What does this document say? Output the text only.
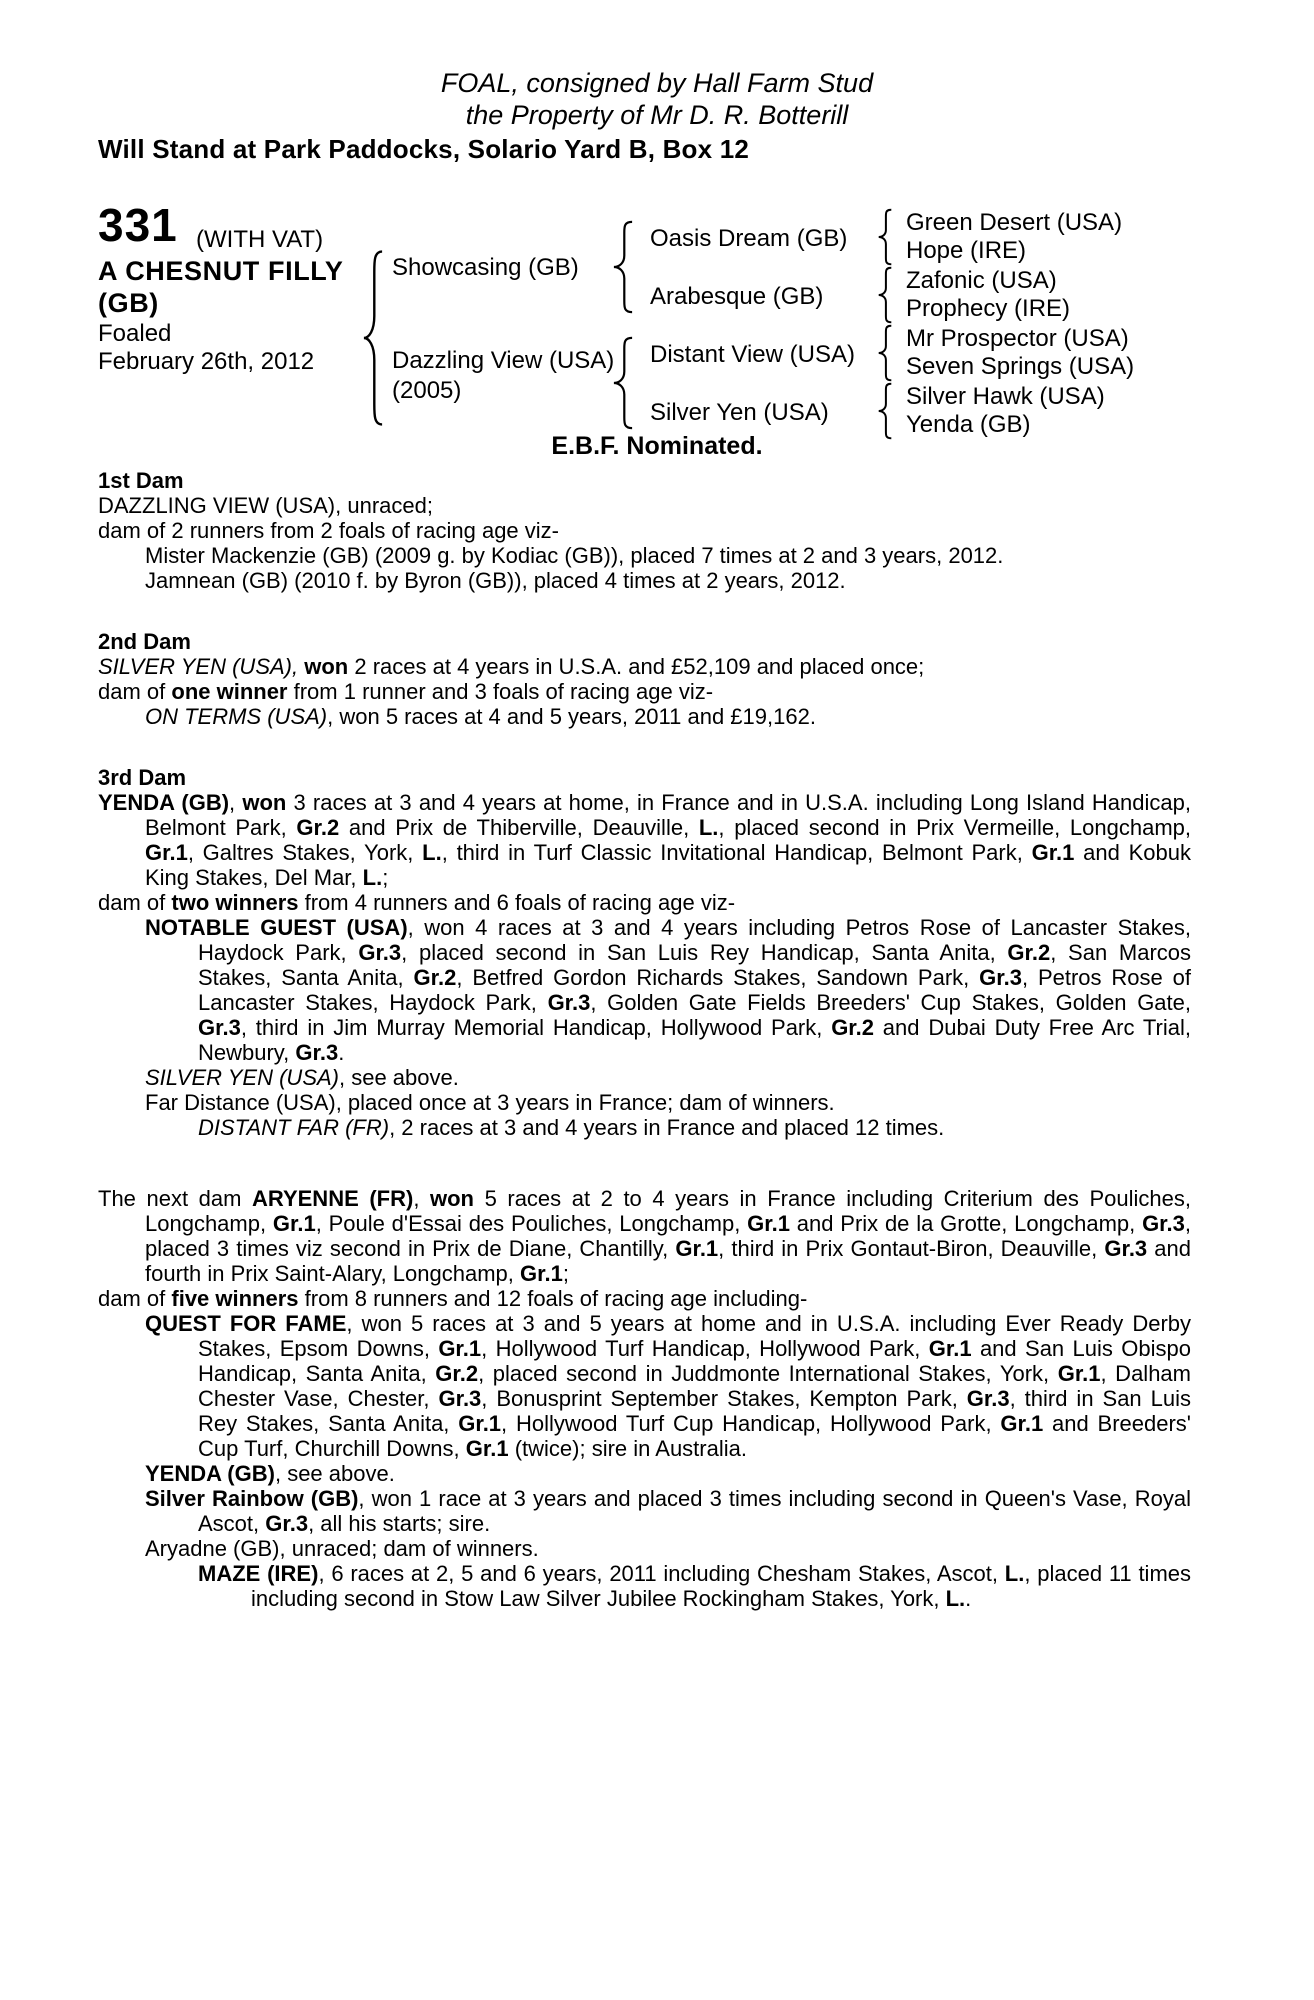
FOAL, consigned by Hall Farm Stud
the Property of Mr D. R. Botterill
Will Stand at Park Paddocks, Solario Yard B, Box 12
331 (WITH VAT)
A CHESNUT FILLY
(GB)
Foaled
February 26th, 2012
Showcasing (GB)
Dazzling View (USA)
(2005)
Oasis Dream (GB)
Arabesque (GB)
Distant View (USA)
Silver Yen (USA)
Green Desert (USA)
Hope (IRE)
Zafonic (USA)
Prophecy (IRE)
Mr Prospector (USA)
Seven Springs (USA)
Silver Hawk (USA)
Yenda (GB)
E.B.F. Nominated.
1st Dam

DAZZLING VIEW (USA), unraced;

dam of 2 runners from 2 foals of racing age viz-

Mister Mackenzie (GB) (2009 g. by Kodiac (GB)), placed 7 times at 2 and 3 years, 2012.

Jamnean (GB) (2010 f. by Byron (GB)), placed 4 times at 2 years, 2012.

2nd Dam

SILVER YEN (USA), won 2 races at 4 years in U.S.A. and £52,109 and placed once;

dam of one winner from 1 runner and 3 foals of racing age viz-

ON TERMS (USA), won 5 races at 4 and 5 years, 2011 and £19,162.

3rd Dam

YENDA (GB), won 3 races at 3 and 4 years at home, in France and in U.S.A. including Long Island Handicap, Belmont Park, Gr.2 and Prix de Thiberville, Deauville, L., placed second in Prix Vermeille, Longchamp, Gr.1, Galtres Stakes, York, L., third in Turf Classic Invitational Handicap, Belmont Park, Gr.1 and Kobuk King Stakes, Del Mar, L.;

dam of two winners from 4 runners and 6 foals of racing age viz-

NOTABLE GUEST (USA), won 4 races at 3 and 4 years including Petros Rose of Lancaster Stakes, Haydock Park, Gr.3, placed second in San Luis Rey Handicap, Santa Anita, Gr.2, San Marcos Stakes, Santa Anita, Gr.2, Betfred Gordon Richards Stakes, Sandown Park, Gr.3, Petros Rose of Lancaster Stakes, Haydock Park, Gr.3, Golden Gate Fields Breeders' Cup Stakes, Golden Gate, Gr.3, third in Jim Murray Memorial Handicap, Hollywood Park, Gr.2 and Dubai Duty Free Arc Trial, Newbury, Gr.3.

SILVER YEN (USA), see above.

Far Distance (USA), placed once at 3 years in France; dam of winners.

DISTANT FAR (FR), 2 races at 3 and 4 years in France and placed 12 times.

The next dam ARYENNE (FR), won 5 races at 2 to 4 years in France including Criterium des Pouliches, Longchamp, Gr.1, Poule d'Essai des Pouliches, Longchamp, Gr.1 and Prix de la Grotte, Longchamp, Gr.3, placed 3 times viz second in Prix de Diane, Chantilly, Gr.1, third in Prix Gontaut-Biron, Deauville, Gr.3 and fourth in Prix Saint-Alary, Longchamp, Gr.1;

dam of five winners from 8 runners and 12 foals of racing age including-

QUEST FOR FAME, won 5 races at 3 and 5 years at home and in U.S.A. including Ever Ready Derby Stakes, Epsom Downs, Gr.1, Hollywood Turf Handicap, Hollywood Park, Gr.1 and San Luis Obispo Handicap, Santa Anita, Gr.2, placed second in Juddmonte International Stakes, York, Gr.1, Dalham Chester Vase, Chester, Gr.3, Bonusprint September Stakes, Kempton Park, Gr.3, third in San Luis Rey Stakes, Santa Anita, Gr.1, Hollywood Turf Cup Handicap, Hollywood Park, Gr.1 and Breeders' Cup Turf, Churchill Downs, Gr.1 (twice); sire in Australia.

YENDA (GB), see above.

Silver Rainbow (GB), won 1 race at 3 years and placed 3 times including second in Queen's Vase, Royal Ascot, Gr.3, all his starts; sire.

Aryadne (GB), unraced; dam of winners.

MAZE (IRE), 6 races at 2, 5 and 6 years, 2011 including Chesham Stakes, Ascot, L., placed 11 times including second in Stow Law Silver Jubilee Rockingham Stakes, York, L..
